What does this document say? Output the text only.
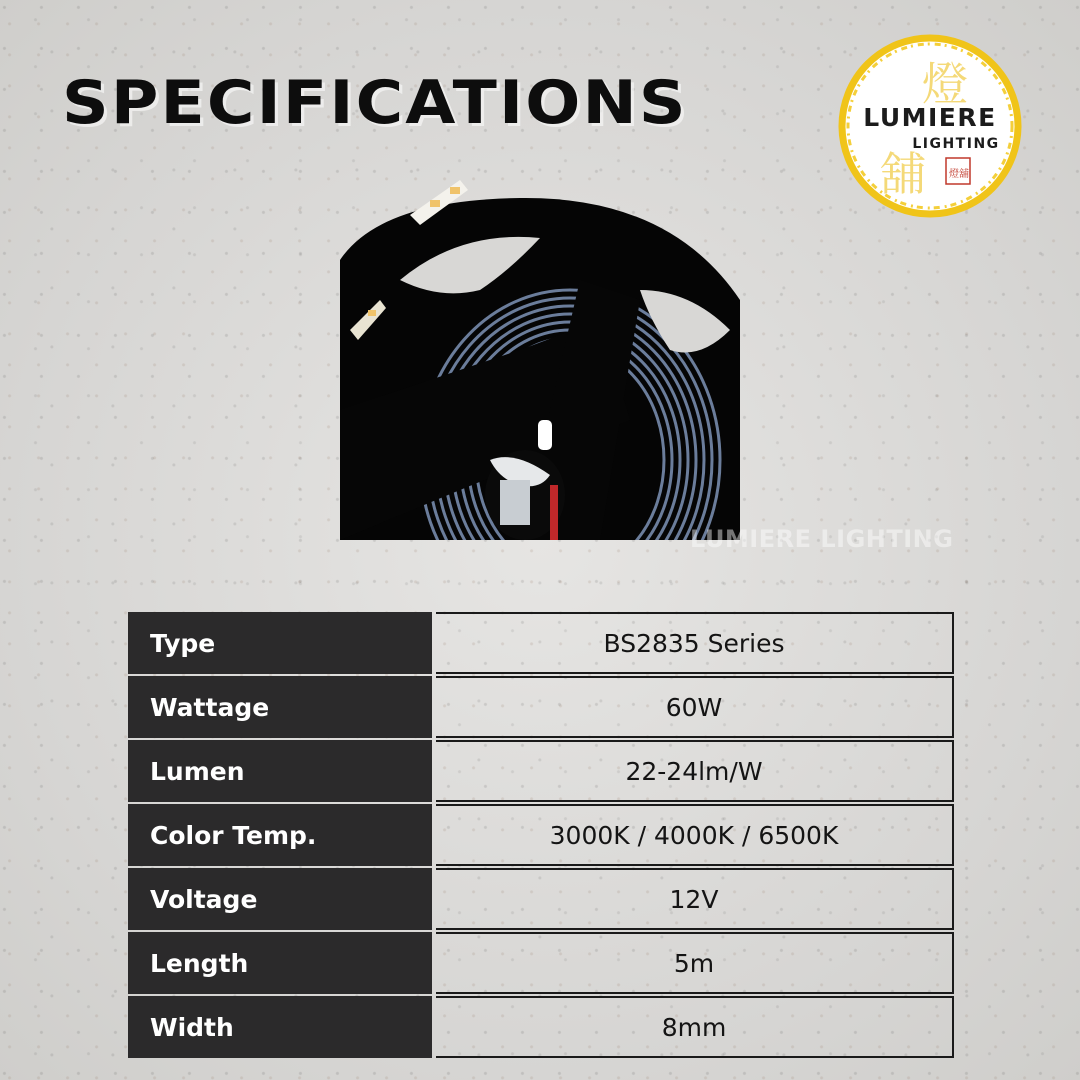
SPECIFICATIONS	燈
舖 燈舖
LUMIERE
LIGHTING
LUMIERE LIGHTING
Type	BS2835 Series
Wattage	60W
Lumen	22-24lm/W
Color Temp.	3000K / 4000K / 6500K
Voltage	12V
Length	5m
Width	8mm
